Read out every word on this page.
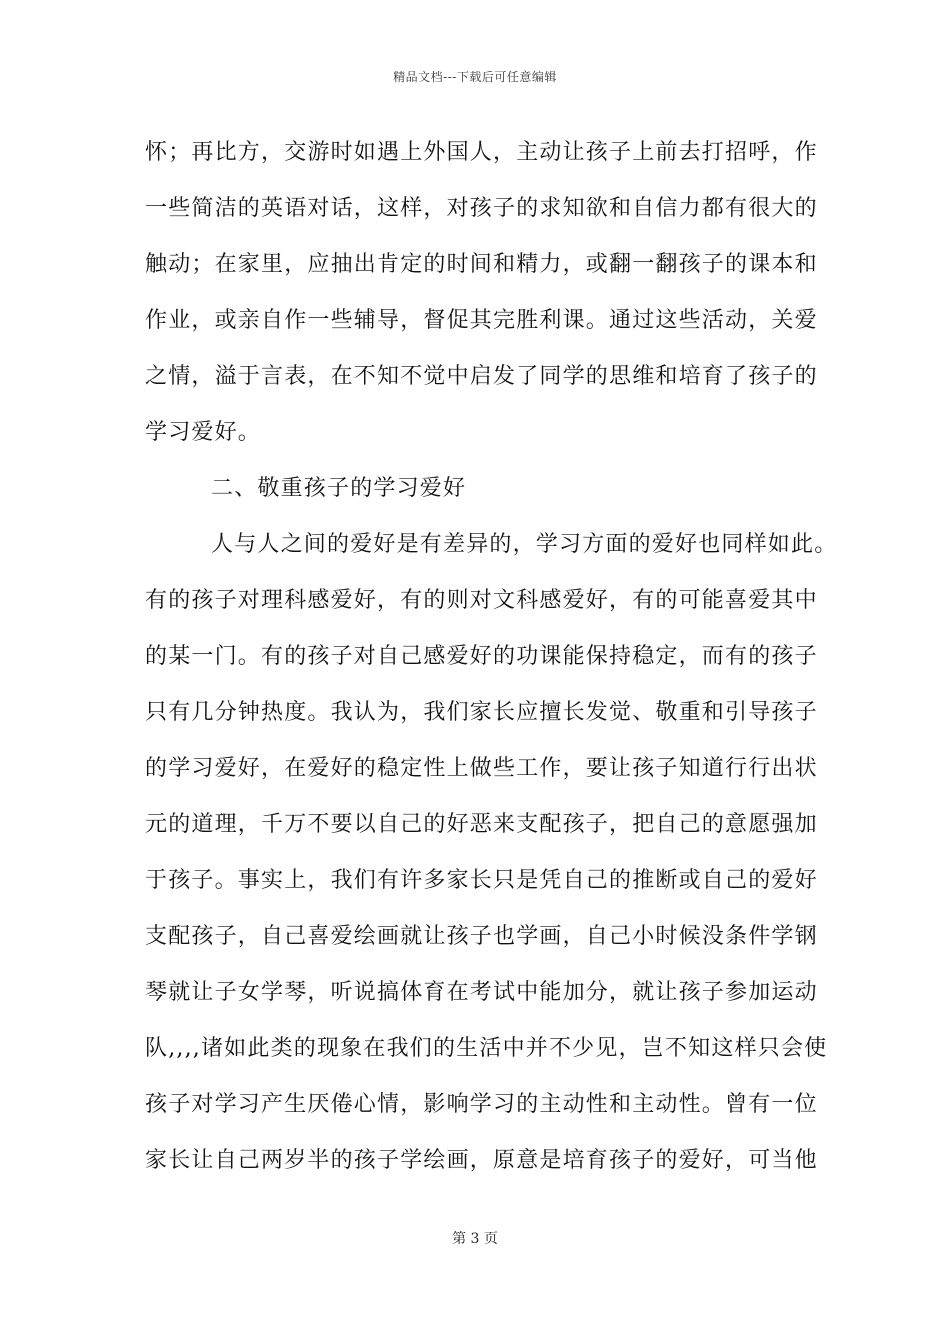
精品文档---下载后可任意编辑
怀；再比方，交游时如遇上外国人，主动让孩子上前去打招呼，作
一些简洁的英语对话，这样，对孩子的求知欲和自信力都有很大的
触动；在家里，应抽出肯定的时间和精力，或翻一翻孩子的课本和
作业，或亲自作一些辅导，督促其完胜利课。通过这些活动，关爱
之情，溢于言表，在不知不觉中启发了同学的思维和培育了孩子的
学习爱好。
二、敬重孩子的学习爱好
人与人之间的爱好是有差异的，学习方面的爱好也同样如此。
有的孩子对理科感爱好，有的则对文科感爱好，有的可能喜爱其中
的某一门。有的孩子对自己感爱好的功课能保持稳定，而有的孩子
只有几分钟热度。我认为，我们家长应擅长发觉、敬重和引导孩子
的学习爱好，在爱好的稳定性上做些工作，要让孩子知道行行出状
元的道理，千万不要以自己的好恶来支配孩子，把自己的意愿强加
于孩子。事实上，我们有许多家长只是凭自己的推断或自己的爱好
支配孩子，自己喜爱绘画就让孩子也学画，自己小时候没条件学钢
琴就让子女学琴，听说搞体育在考试中能加分，就让孩子参加运动
队,,,,诸如此类的现象在我们的生活中并不少见，岂不知这样只会使
孩子对学习产生厌倦心情，影响学习的主动性和主动性。曾有一位
家长让自己两岁半的孩子学绘画，原意是培育孩子的爱好，可当他
第 3 页
